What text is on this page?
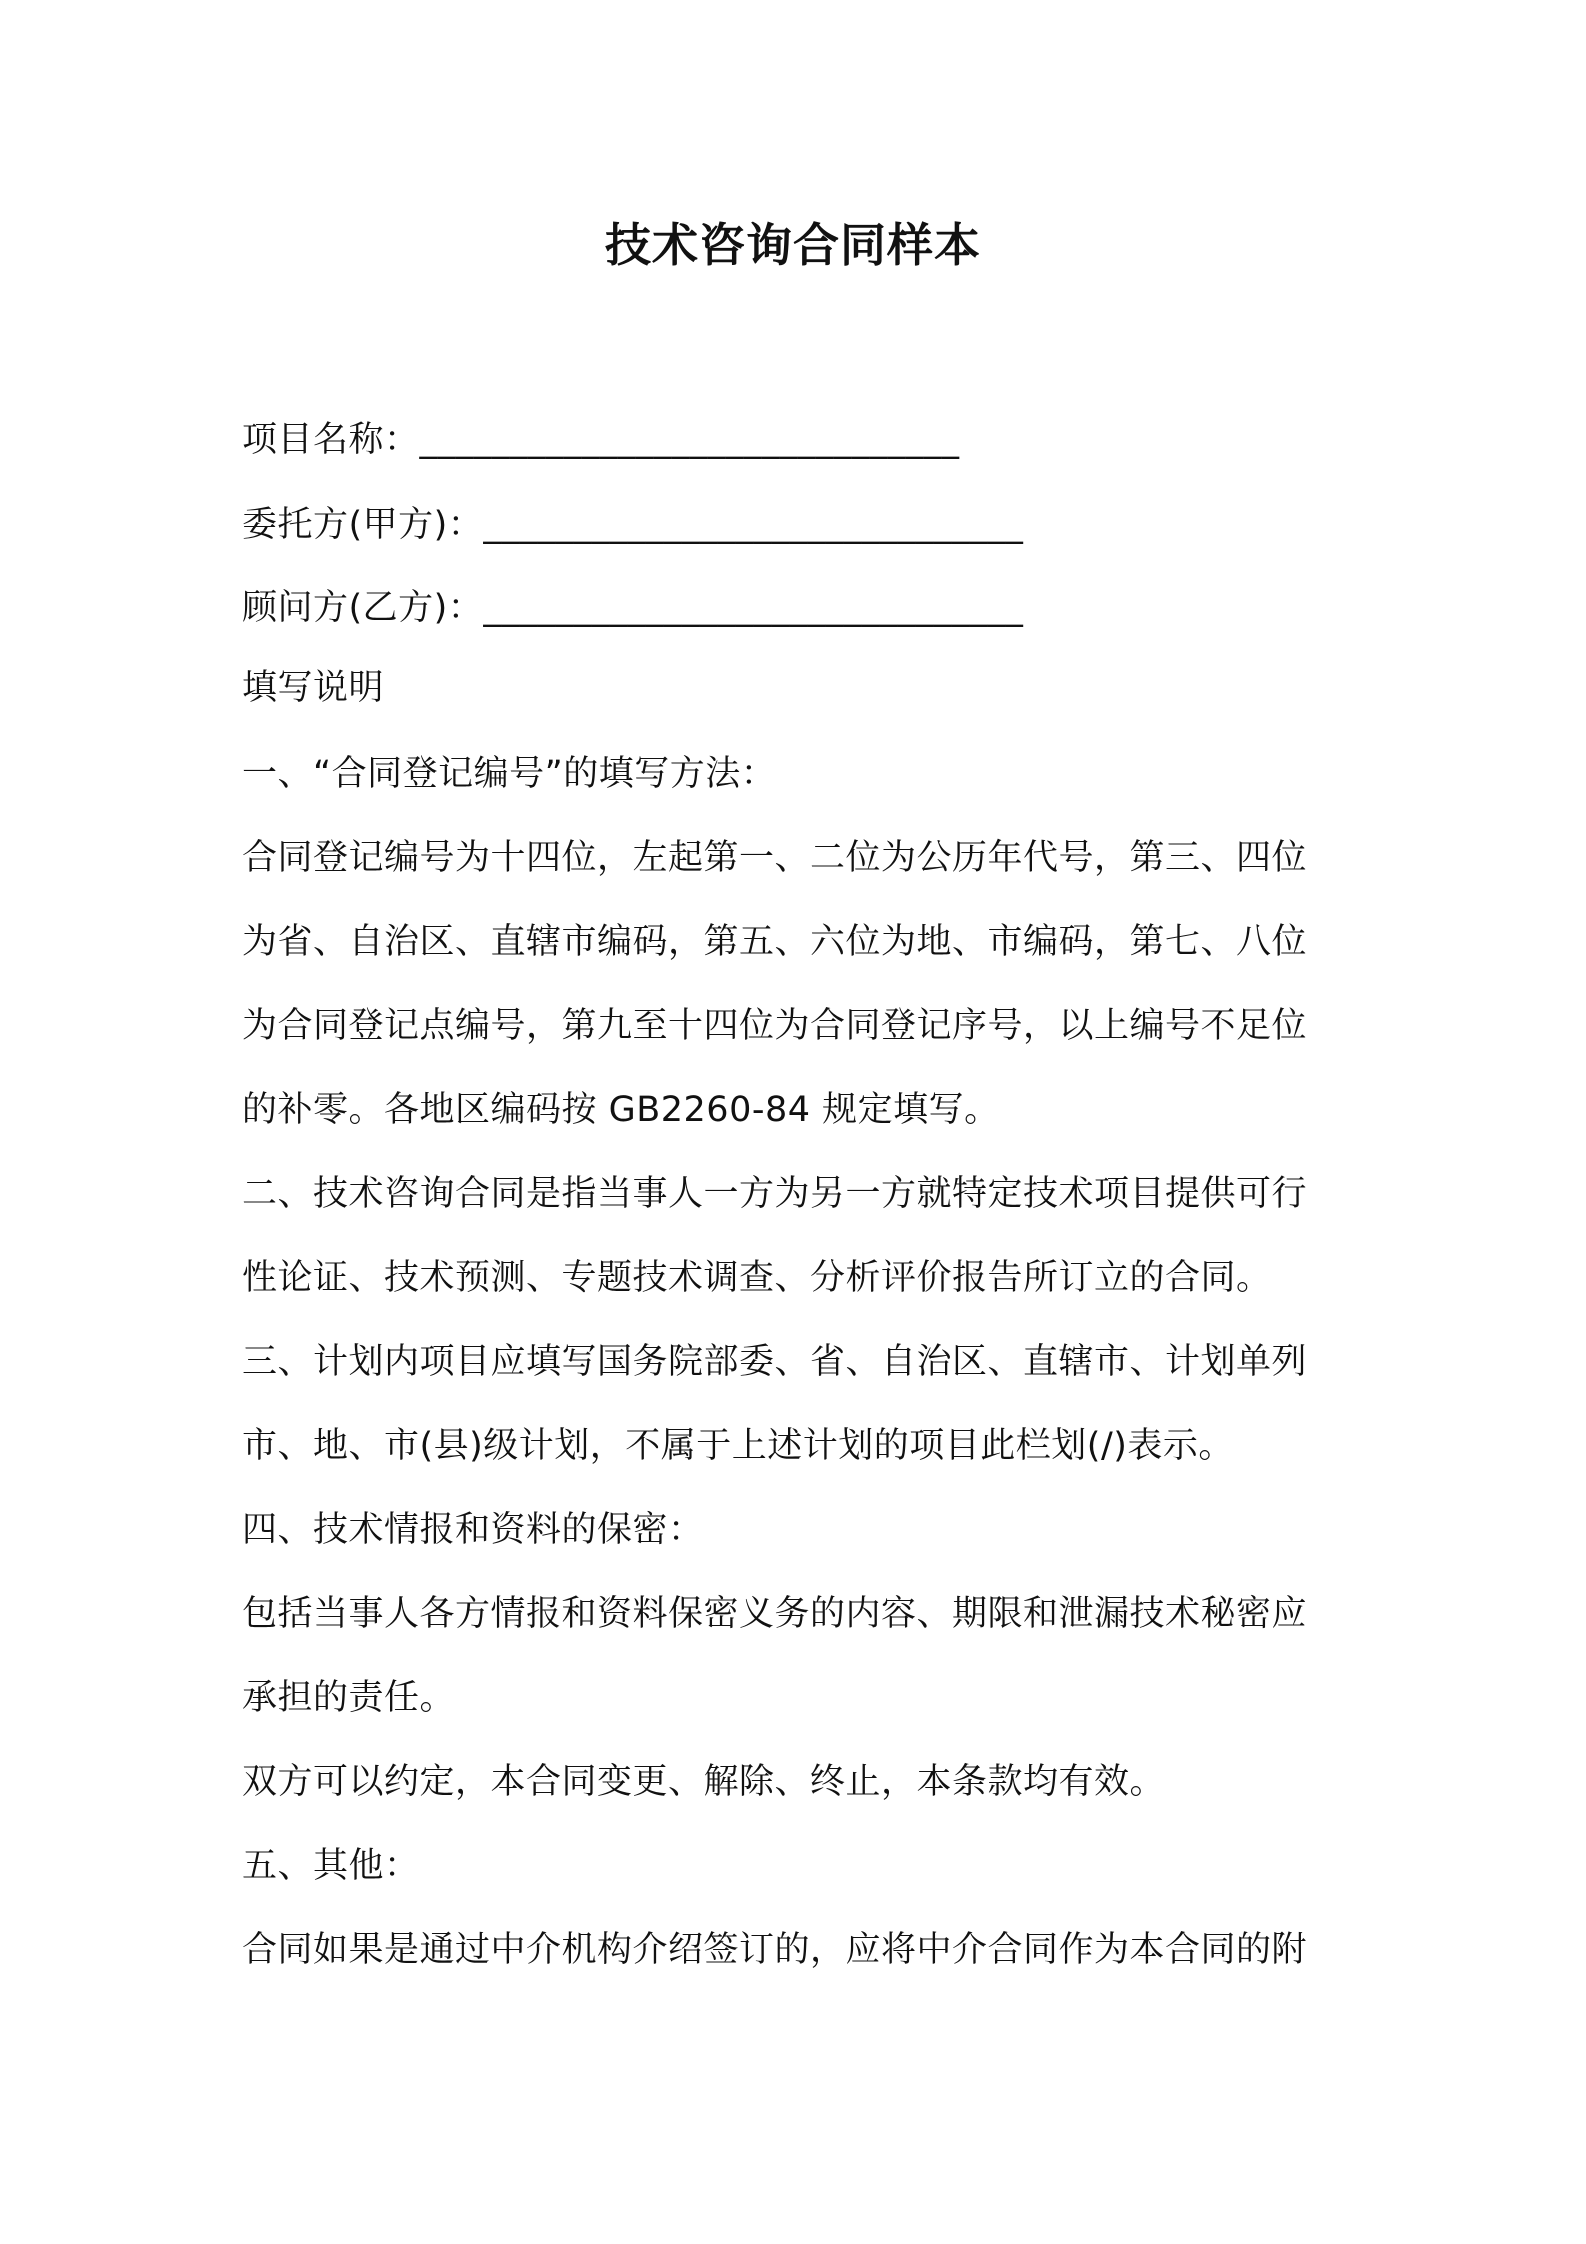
技术咨询合同样本
项目名称：______________________________
委托方(甲方)：______________________________
顾问方(乙方)：______________________________
填写说明
一、“合同登记编号”的填写方法：
合同登记编号为十四位，左起第一、二位为公历年代号，第三、四位
为省、自治区、直辖市编码，第五、六位为地、市编码，第七、八位
为合同登记点编号，第九至十四位为合同登记序号，以上编号不足位
的补零。各地区编码按 GB2260-84 规定填写。
二、技术咨询合同是指当事人一方为另一方就特定技术项目提供可行
性论证、技术预测、专题技术调查、分析评价报告所订立的合同。
三、计划内项目应填写国务院部委、省、自治区、直辖市、计划单列
市、地、市(县)级计划，不属于上述计划的项目此栏划(/)表示。
四、技术情报和资料的保密：
包括当事人各方情报和资料保密义务的内容、期限和泄漏技术秘密应
承担的责任。
双方可以约定，本合同变更、解除、终止，本条款均有效。
五、其他：
合同如果是通过中介机构介绍签订的，应将中介合同作为本合同的附
